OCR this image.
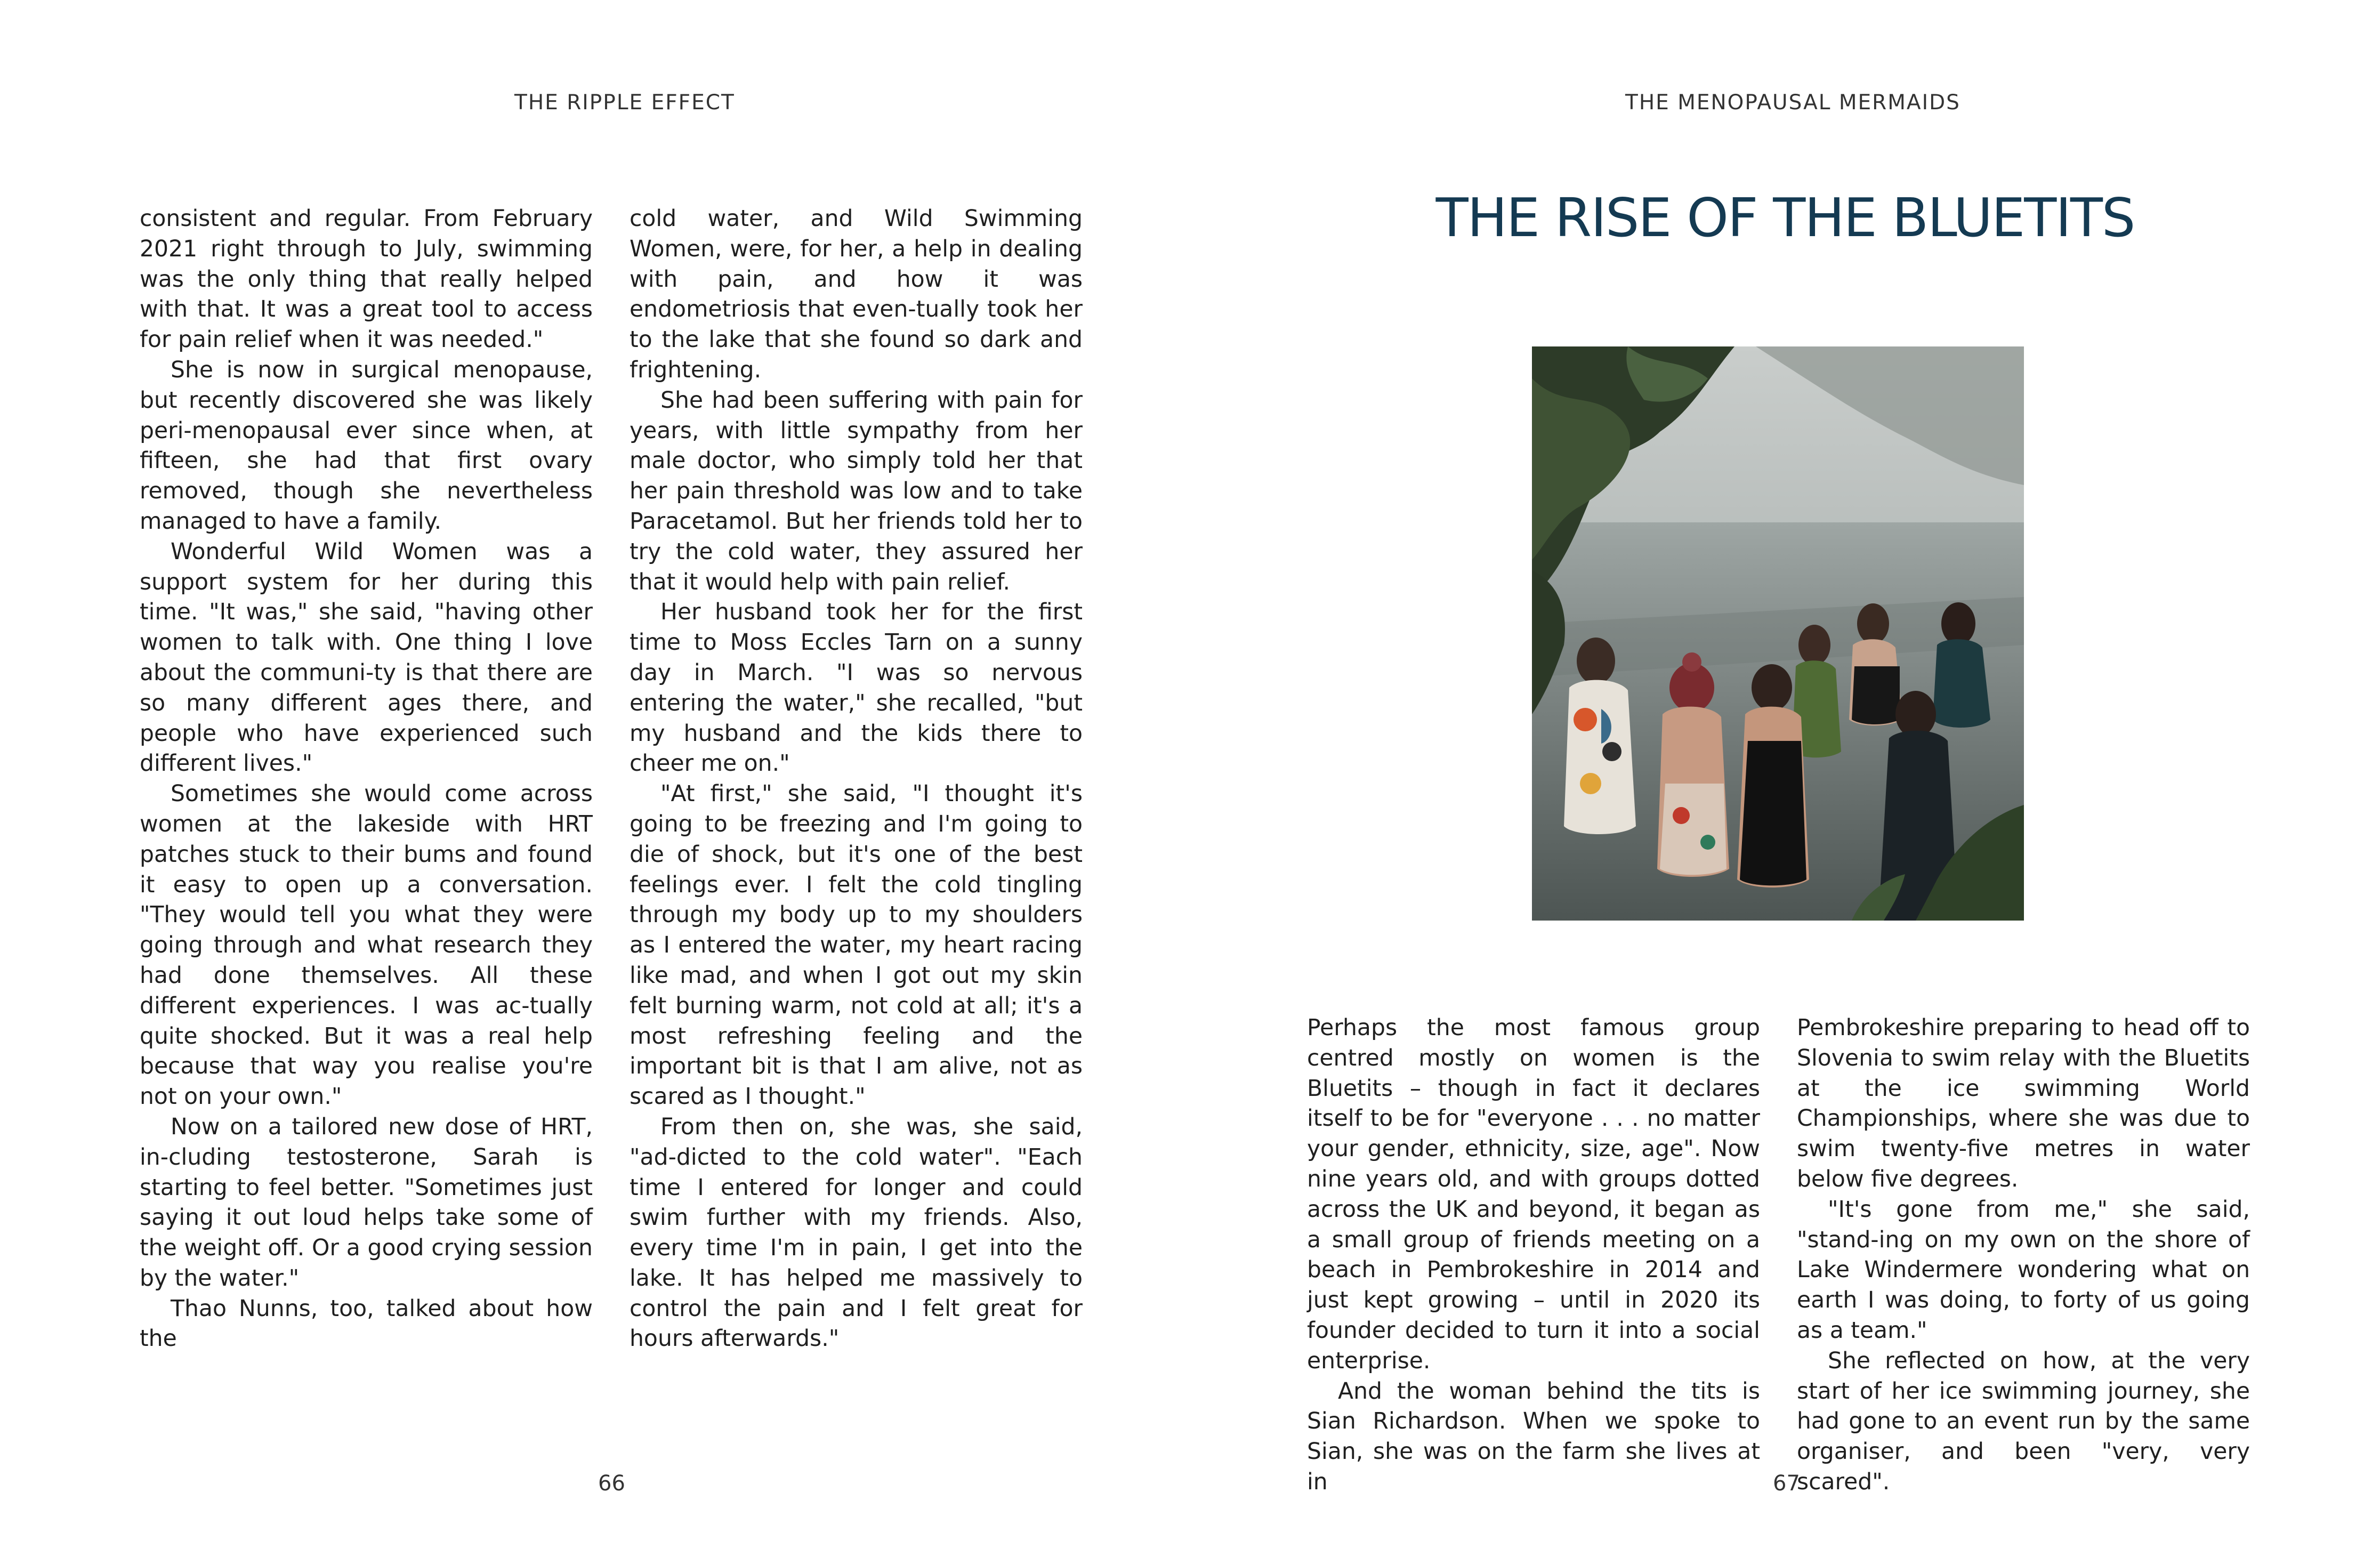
THE RIPPLE EFFECT

consistent and regular. From February 2021 right through to July, swimming was the only thing that really helped with that. It was a great tool to access for pain relief when it was needed."

She is now in surgical menopause, but recently discovered she was likely peri-menopausal ever since when, at fifteen, she had that first ovary removed, though she nevertheless managed to have a family.

Wonderful Wild Women was a support system for her during this time. "It was," she said, "having other women to talk with. One thing I love about the communi-ty is that there are so many different ages there, and people who have experienced such different lives."

Sometimes she would come across women at the lakeside with HRT patches stuck to their bums and found it easy to open up a conversation. "They would tell you what they were going through and what research they had done themselves. All these different experiences. I was ac-tually quite shocked. But it was a real help because that way you realise you're not on your own."

Now on a tailored new dose of HRT, in-cluding testosterone, Sarah is starting to feel better. "Sometimes just saying it out loud helps take some of the weight off. Or a good crying session by the water."

Thao Nunns, too, talked about how the

cold water, and Wild Swimming Women, were, for her, a help in dealing with pain, and how it was endometriosis that even-tually took her to the lake that she found so dark and frightening.

She had been suffering with pain for years, with little sympathy from her male doctor, who simply told her that her pain threshold was low and to take Paracetamol. But her friends told her to try the cold water, they assured her that it would help with pain relief.

Her husband took her for the first time to Moss Eccles Tarn on a sunny day in March. "I was so nervous entering the water," she recalled, "but my husband and the kids there to cheer me on."

"At first," she said, "I thought it's going to be freezing and I'm going to die of shock, but it's one of the best feelings ever. I felt the cold tingling through my body up to my shoulders as I entered the water, my heart racing like mad, and when I got out my skin felt burning warm, not cold at all; it's a most refreshing feeling and the important bit is that I am alive, not as scared as I thought."

From then on, she was, she said, "ad-dicted to the cold water". "Each time I entered for longer and could swim further with my friends. Also, every time I'm in pain, I get into the lake. It has helped me massively to control the pain and I felt great for hours afterwards."

66
THE MENOPAUSAL MERMAIDS
THE RISE OF THE BLUETITS

Perhaps the most famous group centred mostly on women is the Bluetits – though in fact it declares itself to be for "everyone . . . no matter your gender, ethnicity, size, age". Now nine years old, and with groups dotted across the UK and beyond, it began as a small group of friends meeting on a beach in Pembrokeshire in 2014 and just kept growing – until in 2020 its founder decided to turn it into a social enterprise.

And the woman behind the tits is Sian Richardson. When we spoke to Sian, she was on the farm she lives at in

Pembrokeshire preparing to head off to Slovenia to swim relay with the Bluetits at the ice swimming World Championships, where she was due to swim twenty-five metres in water below five degrees.

"It's gone from me," she said, "stand-ing on my own on the shore of Lake Windermere wondering what on earth I was doing, to forty of us going as a team."

She reflected on how, at the very start of her ice swimming journey, she had gone to an event run by the same organiser, and been "very, very scared".

67
